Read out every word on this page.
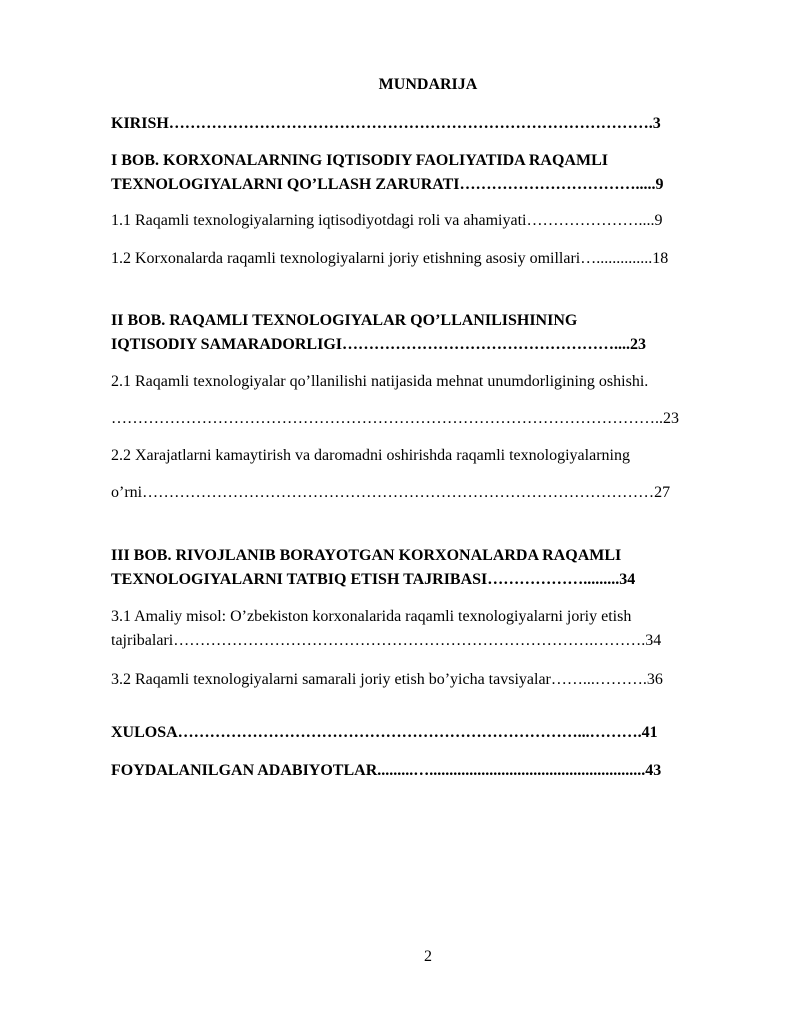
MUNDARIJA
KIRISH……………………………………………………………………………….3
I BOB. KORXONALARNING IQTISODIY FAOLIYATIDA RAQAMLI
TEXNOLOGIYALARNI QO’LLASH ZARURATI…………………………….....9
1.1 Raqamli texnologiyalarning iqtisodiyotdagi roli va ahamiyati…………………....9
1.2 Korxonalarda raqamli texnologiyalarni joriy etishning asosiy omillari…..............18
II BOB. RAQAMLI TEXNOLOGIYALAR QO’LLANILISHINING
IQTISODIY SAMARADORLIGI……………………………………………....23
2.1 Raqamli texnologiyalar qo’llanilishi natijasida mehnat unumdorligining oshishi.
…………………………………………………………………………………………..23
2.2 Xarajatlarni kamaytirish va daromadni oshirishda raqamli texnologiyalarning
o’rni……………………………………………………………………………………27
III BOB. RIVOJLANIB BORAYOTGAN KORXONALARDA RAQAMLI
TEXNOLOGIYALARNI TATBIQ ETISH TAJRIBASI……………….........34
3.1 Amaliy misol: O’zbekiston korxonalarida raqamli texnologiyalarni joriy etish
tajribalari…………………………………………………………………….……….34
3.2 Raqamli texnologiyalarni samarali joriy etish bo’yicha tavsiyalar……...……….36
XULOSA…………………………………………………………………...……….41
FOYDALANILGAN ADABIYOTLAR.........…......................................................43
2
